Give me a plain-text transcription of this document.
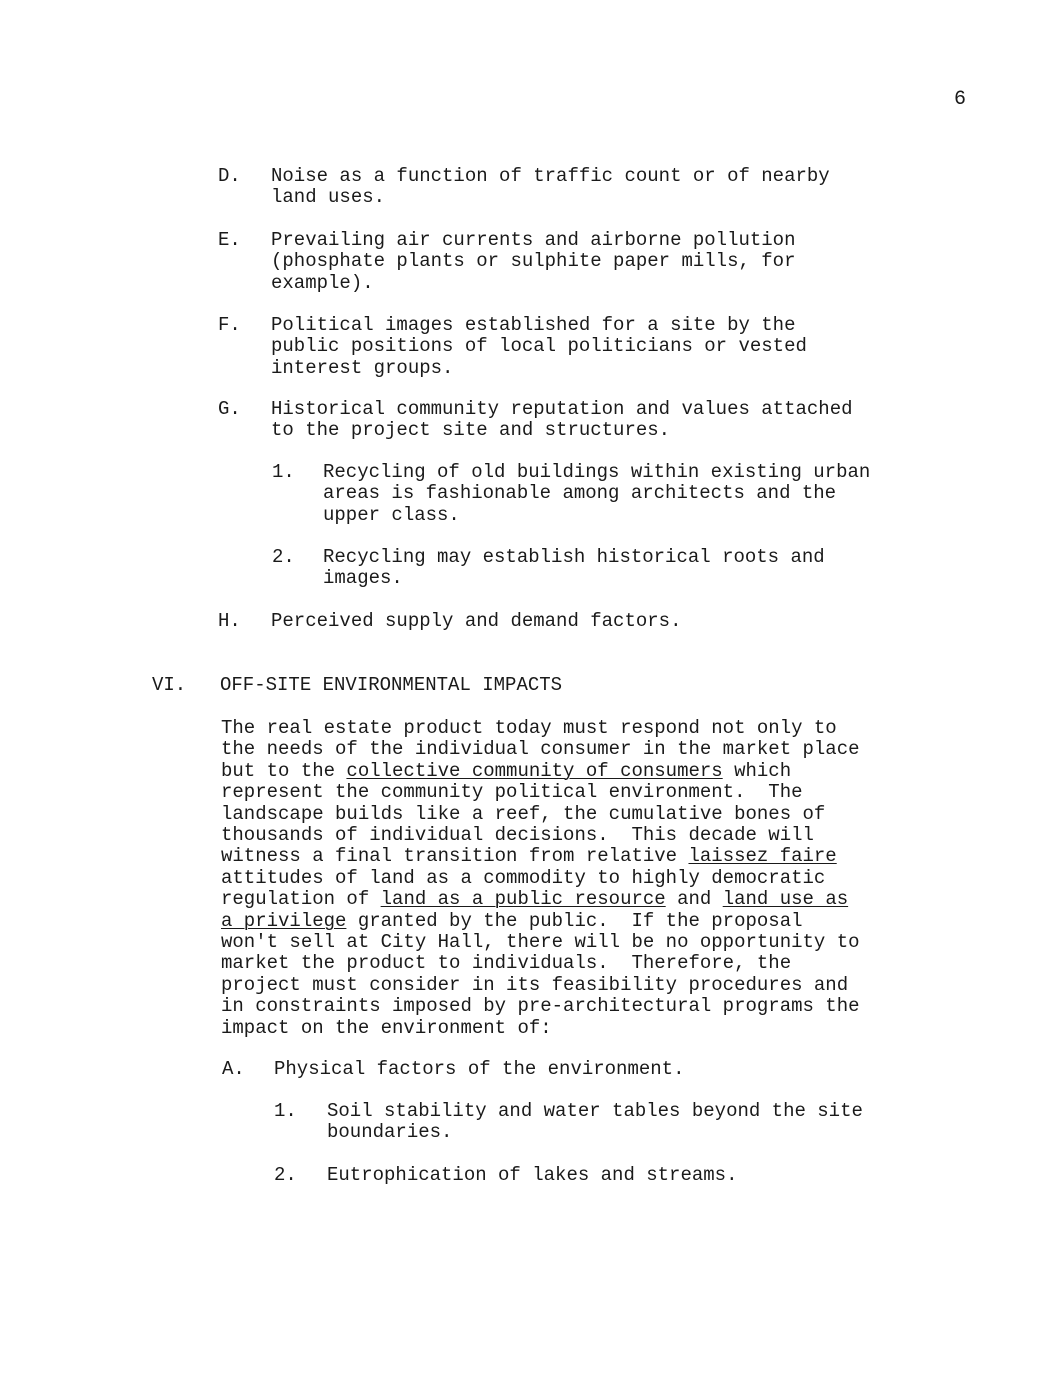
6
D. Noise as a function of traffic count or of nearby
land uses.
E. Prevailing air currents and airborne pollution
(phosphate plants or sulphite paper mills, for
example).
F. Political images established for a site by the
public positions of local politicians or vested
interest groups.
G. Historical community reputation and values attached
to the project site and structures.
1. Recycling of old buildings within existing urban
areas is fashionable among architects and the
upper class.
2. Recycling may establish historical roots and
images.
H. Perceived supply and demand factors.
VI. OFF-SITE ENVIRONMENTAL IMPACTS
The real estate product today must respond not only to
the needs of the individual consumer in the market place
but to the collective community of consumers which
represent the community political environment.  The
landscape builds like a reef, the cumulative bones of
thousands of individual decisions.  This decade will
witness a final transition from relative laissez faire
attitudes of land as a commodity to highly democratic
regulation of land as a public resource and land use as
a privilege granted by the public.  If the proposal
won't sell at City Hall, there will be no opportunity to
market the product to individuals.  Therefore, the
project must consider in its feasibility procedures and
in constraints imposed by pre-architectural programs the
impact on the environment of:
A. Physical factors of the environment.
1. Soil stability and water tables beyond the site
boundaries.
2. Eutrophication of lakes and streams.
